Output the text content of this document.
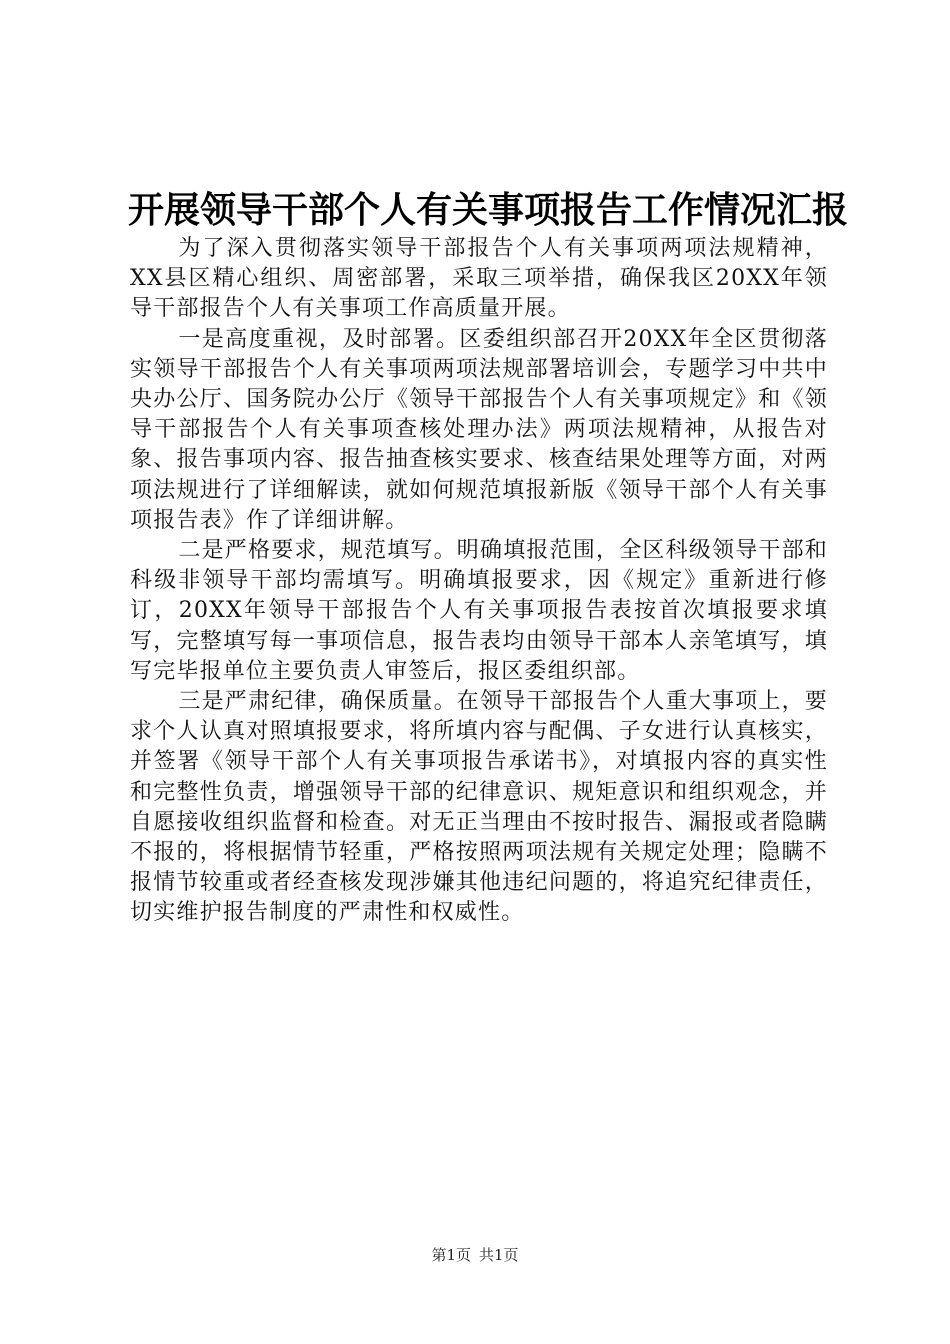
开展领导干部个人有关事项报告工作情况汇报

为了深入贯彻落实领导干部报告个人有关事项两项法规精神，XX县区精心组织、周密部署，采取三项举措，确保我区20XX年领导干部报告个人有关事项工作高质量开展。

一是高度重视，及时部署。区委组织部召开20XX年全区贯彻落实领导干部报告个人有关事项两项法规部署培训会，专题学习中共中央办公厅、国务院办公厅《领导干部报告个人有关事项规定》和《领导干部报告个人有关事项查核处理办法》两项法规精神，从报告对象、报告事项内容、报告抽查核实要求、核查结果处理等方面，对两项法规进行了详细解读，就如何规范填报新版《领导干部个人有关事项报告表》作了详细讲解。

二是严格要求，规范填写。明确填报范围，全区科级领导干部和科级非领导干部均需填写。明确填报要求，因《规定》重新进行修订，20XX年领导干部报告个人有关事项报告表按首次填报要求填写，完整填写每一事项信息，报告表均由领导干部本人亲笔填写，填写完毕报单位主要负责人审签后，报区委组织部。

三是严肃纪律，确保质量。在领导干部报告个人重大事项上，要求个人认真对照填报要求，将所填内容与配偶、子女进行认真核实，并签署《领导干部个人有关事项报告承诺书》，对填报内容的真实性和完整性负责，增强领导干部的纪律意识、规矩意识和组织观念，并自愿接收组织监督和检查。对无正当理由不按时报告、漏报或者隐瞒不报的，将根据情节轻重，严格按照两项法规有关规定处理；隐瞒不报情节较重或者经查核发现涉嫌其他违纪问题的，将追究纪律责任，切实维护报告制度的严肃性和权威性。

第1页 共1页
